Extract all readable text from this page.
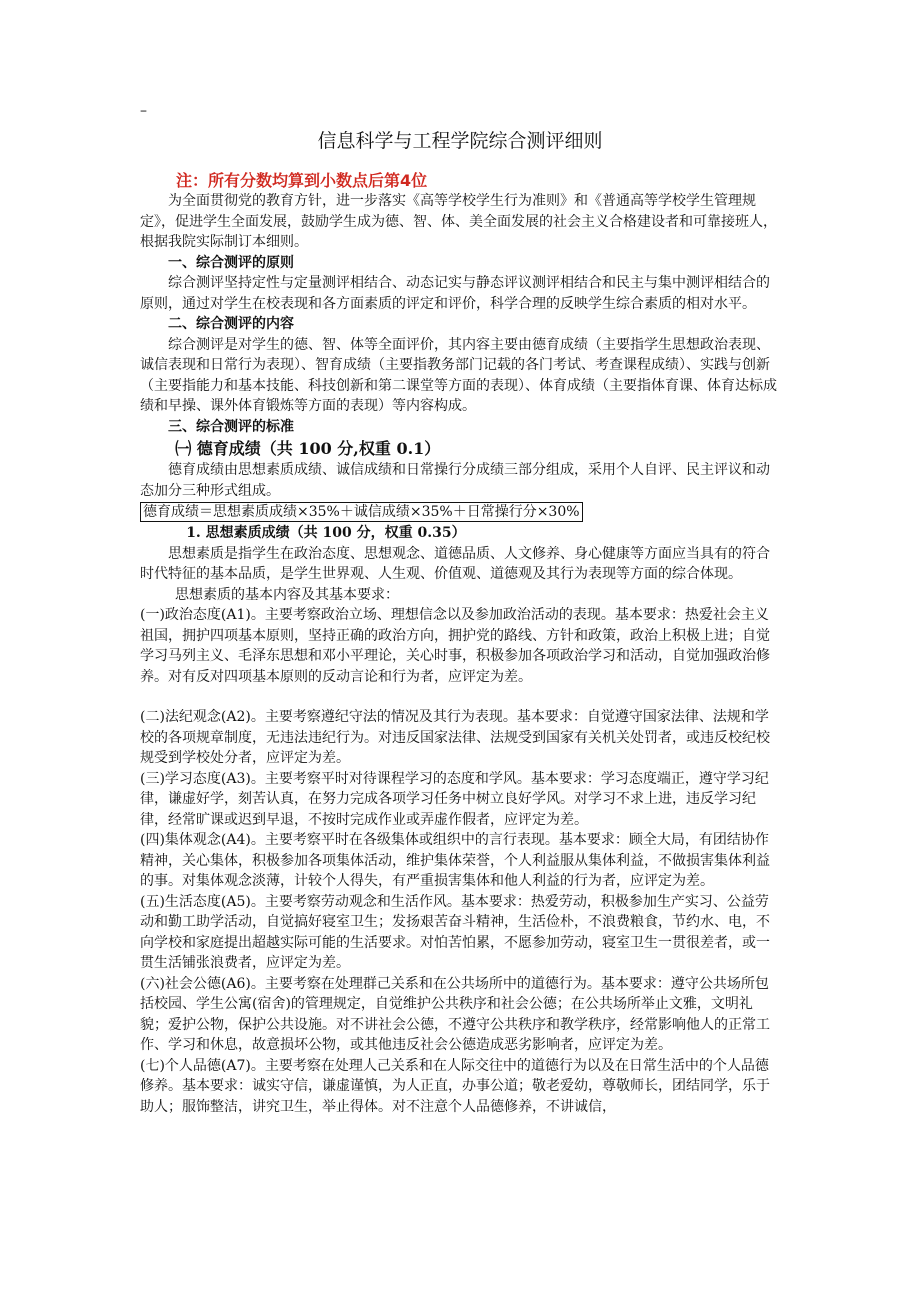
–
信息科学与工程学院综合测评细则
注：所有分数均算到小数点后第4位

为全面贯彻党的教育方针，进一步落实《高等学校学生行为准则》和《普通高等学校学生管理规定》，促进学生全面发展，鼓励学生成为德、智、体、美全面发展的社会主义合格建设者和可靠接班人，根据我院实际制订本细则。

一、综合测评的原则

综合测评坚持定性与定量测评相结合、动态记实与静态评议测评相结合和民主与集中测评相结合的原则，通过对学生在校表现和各方面素质的评定和评价，科学合理的反映学生综合素质的相对水平。

二、综合测评的内容

综合测评是对学生的德、智、体等全面评价，其内容主要由德育成绩（主要指学生思想政治表现、诚信表现和日常行为表现）、智育成绩（主要指教务部门记载的各门考试、考查课程成绩）、实践与创新（主要指能力和基本技能、科技创新和第二课堂等方面的表现）、体育成绩（主要指体育课、体育达标成绩和早操、课外体育锻炼等方面的表现）等内容构成。

三、综合测评的标准

㈠ 德育成绩（共 100 分,权重 0.1）

德育成绩由思想素质成绩、诚信成绩和日常操行分成绩三部分组成，采用个人自评、民主评议和动态加分三种形式组成。

德育成绩＝思想素质成绩×35%＋诚信成绩×35%＋日常操行分×30%

1. 思想素质成绩（共 100 分，权重 0.35）

思想素质是指学生在政治态度、思想观念、道德品质、人文修养、身心健康等方面应当具有的符合时代特征的基本品质，是学生世界观、人生观、价值观、道德观及其行为表现等方面的综合体现。

思想素质的基本内容及其基本要求：

(一)政治态度(A1)。主要考察政治立场、理想信念以及参加政治活动的表现。基本要求：热爱社会主义祖国，拥护四项基本原则，坚持正确的政治方向，拥护党的路线、方针和政策，政治上积极上进；自觉学习马列主义、毛泽东思想和邓小平理论，关心时事，积极参加各项政治学习和活动，自觉加强政治修养。对有反对四项基本原则的反动言论和行为者，应评定为差。

(二)法纪观念(A2)。主要考察遵纪守法的情况及其行为表现。基本要求：自觉遵守国家法律、法规和学校的各项规章制度，无违法违纪行为。对违反国家法律、法规受到国家有关机关处罚者，或违反校纪校规受到学校处分者，应评定为差。

(三)学习态度(A3)。主要考察平时对待课程学习的态度和学风。基本要求：学习态度端正，遵守学习纪律，谦虚好学，刻苦认真，在努力完成各项学习任务中树立良好学风。对学习不求上进，违反学习纪律，经常旷课或迟到早退，不按时完成作业或弄虚作假者，应评定为差。

(四)集体观念(A4)。主要考察平时在各级集体或组织中的言行表现。基本要求：顾全大局，有团结协作精神，关心集体，积极参加各项集体活动，维护集体荣誉，个人利益服从集体利益，不做损害集体利益的事。对集体观念淡薄，计较个人得失，有严重损害集体和他人利益的行为者，应评定为差。

(五)生活态度(A5)。主要考察劳动观念和生活作风。基本要求：热爱劳动，积极参加生产实习、公益劳动和勤工助学活动，自觉搞好寝室卫生；发扬艰苦奋斗精神，生活俭朴，不浪费粮食，节约水、电，不向学校和家庭提出超越实际可能的生活要求。对怕苦怕累，不愿参加劳动，寝室卫生一贯很差者，或一贯生活铺张浪费者，应评定为差。

(六)社会公德(A6)。主要考察在处理群己关系和在公共场所中的道德行为。基本要求：遵守公共场所包括校园、学生公寓(宿舍)的管理规定，自觉维护公共秩序和社会公德；在公共场所举止文雅，文明礼貌；爱护公物，保护公共设施。对不讲社会公德，不遵守公共秩序和教学秩序，经常影响他人的正常工作、学习和休息，故意损坏公物，或其他违反社会公德造成恶劣影响者，应评定为差。

(七)个人品德(A7)。主要考察在处理人己关系和在人际交往中的道德行为以及在日常生活中的个人品德修养。基本要求：诚实守信，谦虚谨慎，为人正直，办事公道；敬老爱幼，尊敬师长，团结同学，乐于助人；服饰整洁，讲究卫生，举止得体。对不注意个人品德修养，不讲诚信，
